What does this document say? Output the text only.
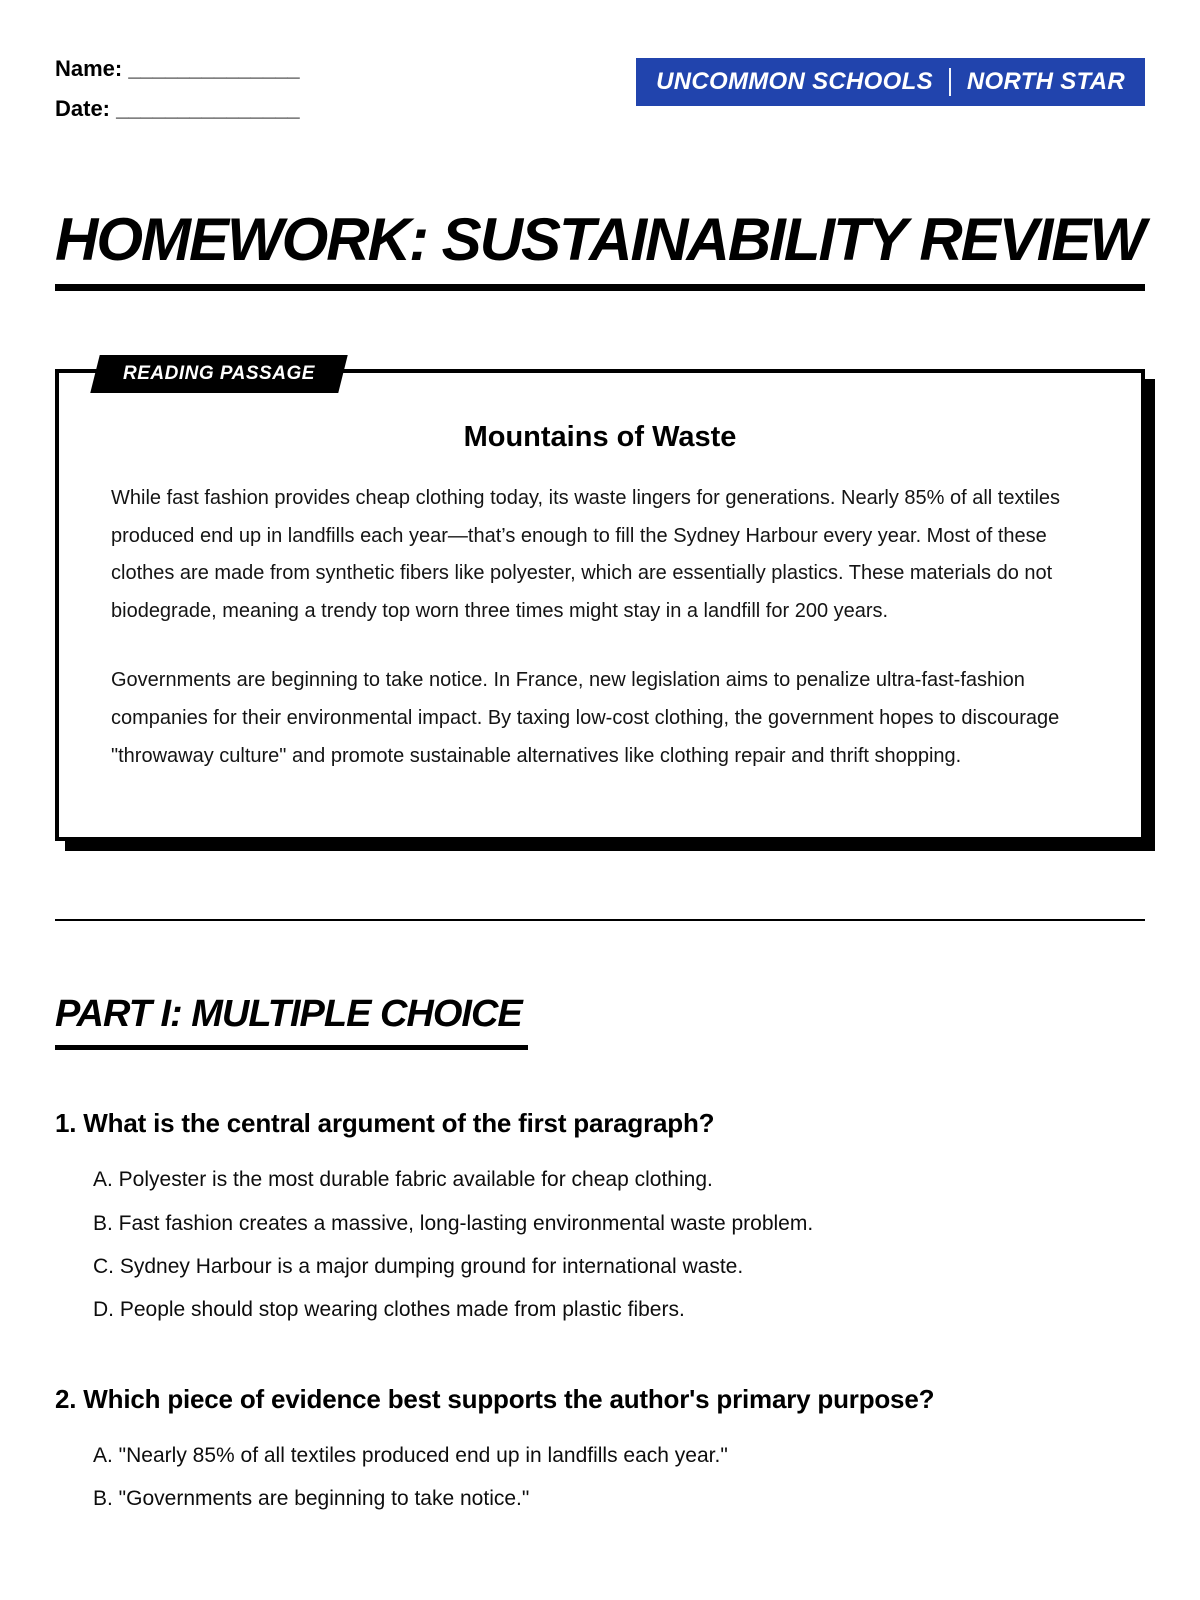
Name: ______________
Date: _______________
UNCOMMON SCHOOLS NORTH STAR
HOMEWORK: SUSTAINABILITY REVIEW
READING PASSAGE
Mountains of Waste

While fast fashion provides cheap clothing today, its waste lingers for generations. Nearly 85% of all textiles produced end up in landfills each year—that’s enough to fill the Sydney Harbour every year. Most of these clothes are made from synthetic fibers like polyester, which are essentially plastics. These materials do not biodegrade, meaning a trendy top worn three times might stay in a landfill for 200 years.

Governments are beginning to take notice. In France, new legislation aims to penalize ultra-fast-fashion companies for their environmental impact. By taxing low-cost clothing, the government hopes to discourage "throwaway culture" and promote sustainable alternatives like clothing repair and thrift shopping.

PART I: MULTIPLE CHOICE
1. What is the central argument of the first paragraph?
A. Polyester is the most durable fabric available for cheap clothing.
B. Fast fashion creates a massive, long-lasting environmental waste problem.
C. Sydney Harbour is a major dumping ground for international waste.
D. People should stop wearing clothes made from plastic fibers.
2. Which piece of evidence best supports the author's primary purpose?
A. "Nearly 85% of all textiles produced end up in landfills each year."
B. "Governments are beginning to take notice."
